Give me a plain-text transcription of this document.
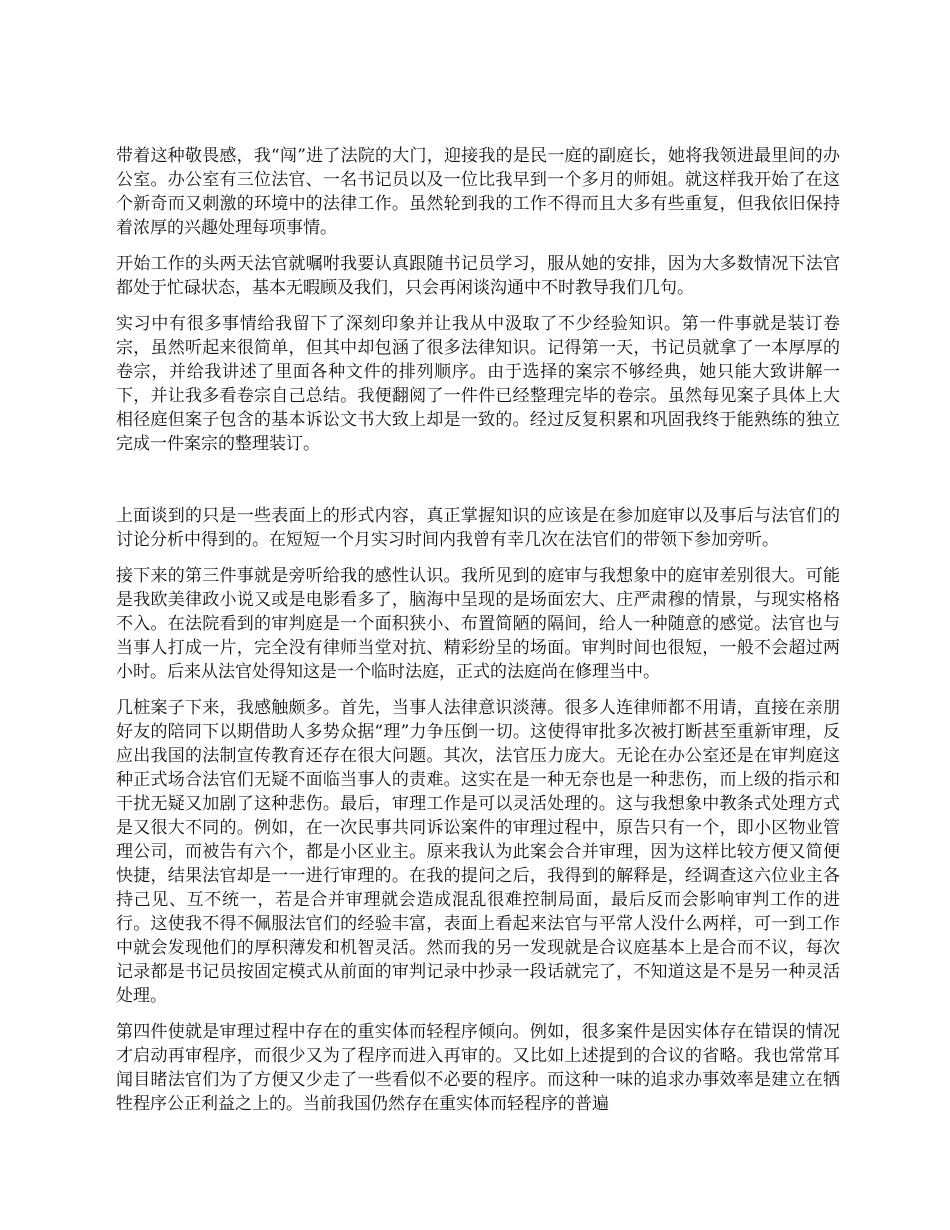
带着这种敬畏感，我“闯”进了法院的大门，迎接我的是民一庭的副庭长，她将我领进最里间的办公室。办公室有三位法官、一名书记员以及一位比我早到一个多月的师姐。就这样我开始了在这个新奇而又刺激的环境中的法律工作。虽然轮到我的工作不得而且大多有些重复，但我依旧保持着浓厚的兴趣处理每项事情。

开始工作的头两天法官就嘱咐我要认真跟随书记员学习，服从她的安排，因为大多数情况下法官都处于忙碌状态，基本无暇顾及我们，只会再闲谈沟通中不时教导我们几句。

实习中有很多事情给我留下了深刻印象并让我从中汲取了不少经验知识。第一件事就是装订卷宗，虽然听起来很简单，但其中却包涵了很多法律知识。记得第一天，书记员就拿了一本厚厚的卷宗，并给我讲述了里面各种文件的排列顺序。由于选择的案宗不够经典，她只能大致讲解一下，并让我多看卷宗自己总结。我便翻阅了一件件已经整理完毕的卷宗。虽然每见案子具体上大相径庭但案子包含的基本诉讼文书大致上却是一致的。经过反复积累和巩固我终于能熟练的独立完成一件案宗的整理装订。

上面谈到的只是一些表面上的形式内容，真正掌握知识的应该是在参加庭审以及事后与法官们的讨论分析中得到的。在短短一个月实习时间内我曾有幸几次在法官们的带领下参加旁听。

接下来的第三件事就是旁听给我的感性认识。我所见到的庭审与我想象中的庭审差别很大。可能是我欧美律政小说又或是电影看多了，脑海中呈现的是场面宏大、庄严肃穆的情景，与现实格格不入。在法院看到的审判庭是一个面积狭小、布置简陋的隔间，给人一种随意的感觉。法官也与当事人打成一片，完全没有律师当堂对抗、精彩纷呈的场面。审判时间也很短，一般不会超过两小时。后来从法官处得知这是一个临时法庭，正式的法庭尚在修理当中。

几桩案子下来，我感触颇多。首先，当事人法律意识淡薄。很多人连律师都不用请，直接在亲朋好友的陪同下以期借助人多势众据“理”力争压倒一切。这使得审批多次被打断甚至重新审理，反应出我国的法制宣传教育还存在很大问题。其次，法官压力庞大。无论在办公室还是在审判庭这种正式场合法官们无疑不面临当事人的责难。这实在是一种无奈也是一种悲伤，而上级的指示和干扰无疑又加剧了这种悲伤。最后，审理工作是可以灵活处理的。这与我想象中教条式处理方式是又很大不同的。例如，在一次民事共同诉讼案件的审理过程中，原告只有一个，即小区物业管理公司，而被告有六个，都是小区业主。原来我认为此案会合并审理，因为这样比较方便又简便快捷，结果法官却是一一进行审理的。在我的提问之后，我得到的解释是，经调查这六位业主各持己见、互不统一，若是合并审理就会造成混乱很难控制局面，最后反而会影响审判工作的进行。这使我不得不佩服法官们的经验丰富，表面上看起来法官与平常人没什么两样，可一到工作中就会发现他们的厚积薄发和机智灵活。然而我的另一发现就是合议庭基本上是合而不议，每次记录都是书记员按固定模式从前面的审判记录中抄录一段话就完了，不知道这是不是另一种灵活处理。

第四件使就是审理过程中存在的重实体而轻程序倾向。例如，很多案件是因实体存在错误的情况才启动再审程序，而很少又为了程序而进入再审的。又比如上述提到的合议的省略。我也常常耳闻目睹法官们为了方便又少走了一些看似不必要的程序。而这种一味的追求办事效率是建立在牺牲程序公正利益之上的。当前我国仍然存在重实体而轻程序的普遍
